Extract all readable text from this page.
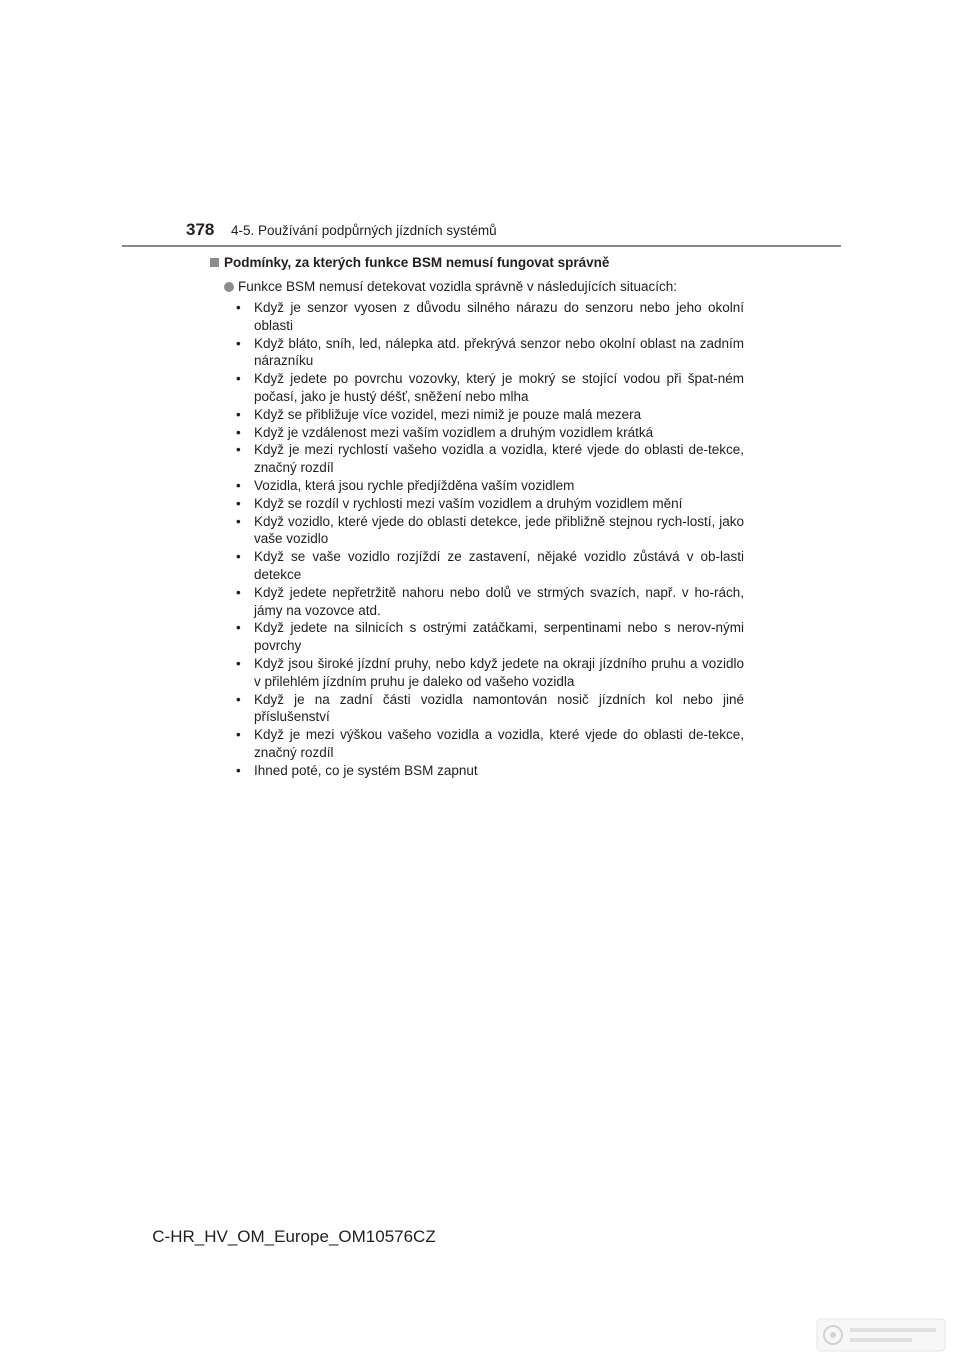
378 4-5. Používání podpůrných jízdních systémů
Podmínky, za kterých funkce BSM nemusí fungovat správně
Funkce BSM nemusí detekovat vozidla správně v následujících situacích:
• Když je senzor vyosen z důvodu silného nárazu do senzoru nebo jeho okolní oblasti
• Když bláto, sníh, led, nálepka atd. překrývá senzor nebo okolní oblast na zadním nárazníku
• Když jedete po povrchu vozovky, který je mokrý se stojící vodou při špat-ném počasí, jako je hustý déšť, sněžení nebo mlha
• Když se přibližuje více vozidel, mezi nimiž je pouze malá mezera
• Když je vzdálenost mezi vaším vozidlem a druhým vozidlem krátká
• Když je mezi rychlostí vašeho vozidla a vozidla, které vjede do oblasti de-tekce, značný rozdíl
• Vozidla, která jsou rychle předjížděna vaším vozidlem
• Když se rozdíl v rychlosti mezi vaším vozidlem a druhým vozidlem mění
• Když vozidlo, které vjede do oblasti detekce, jede přibližně stejnou rych-lostí, jako vaše vozidlo
• Když se vaše vozidlo rozjíždí ze zastavení, nějaké vozidlo zůstává v ob-lasti detekce
• Když jedete nepřetržitě nahoru nebo dolů ve strmých svazích, např. v ho-rách, jámy na vozovce atd.
• Když jedete na silnicích s ostrými zatáčkami, serpentinami nebo s nerov-nými povrchy
• Když jsou široké jízdní pruhy, nebo když jedete na okraji jízdního pruhu a vozidlo v přilehlém jízdním pruhu je daleko od vašeho vozidla
• Když je na zadní části vozidla namontován nosič jízdních kol nebo jiné příslušenství
• Když je mezi výškou vašeho vozidla a vozidla, které vjede do oblasti de-tekce, značný rozdíl
• Ihned poté, co je systém BSM zapnut
C-HR_HV_OM_Europe_OM10576CZ
